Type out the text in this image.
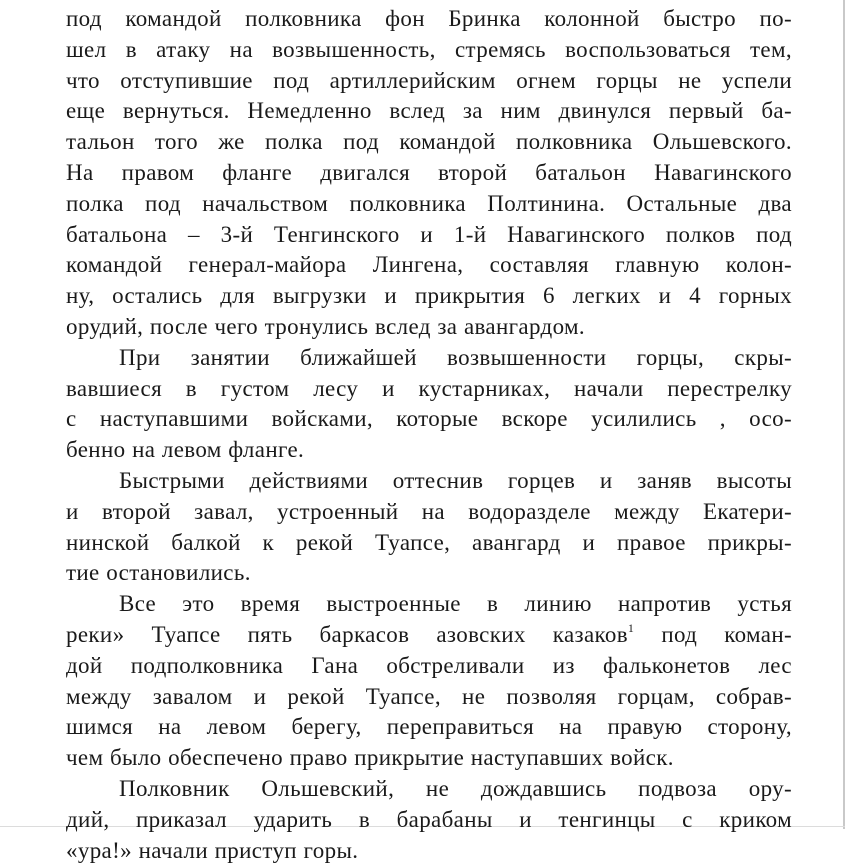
под командой полковника фон Бринка колонной быстро по-
шел в атаку на возвышенность, стремясь воспользоваться тем,
что отступившие под артиллерийским огнем горцы не успели
еще вернуться. Немедленно вслед за ним двинулся первый ба-
тальон того же полка под командой полковника Ольшевского.
На правом фланге двигался второй батальон Навагинского
полка под начальством полковника Полтинина. Остальные два
батальона – 3-й Тенгинского и 1-й Навагинского полков под
командой генерал-майора Лингена, составляя главную колон-
ну, остались для выгрузки и прикрытия 6 легких и 4 горных
орудий, после чего тронулись вслед за авангардом.

При занятии ближайшей возвышенности горцы, скры-
вавшиеся в густом лесу и кустарниках, начали перестрелку
с наступавшими войсками, которые вскоре усилились , осо-
бенно на левом фланге.

Быстрыми действиями оттеснив горцев и заняв высоты
и второй завал, устроенный на водоразделе между Екатери-
нинской балкой к рекой Туапсе, авангард и правое прикры-
тие остановились.

Все это время выстроенные в линию напротив устья
реки» Туапсе пять баркасов азовских казаков$^1$ под коман-
дой подполковника Гана обстреливали из фальконетов лес
между завалом и рекой Туапсе, не позволяя горцам, собрав-
шимся на левом берегу, переправиться на правую сторону,
чем было обеспечено право прикрытие наступавших войск.

Полковник Ольшевский, не дождавшись подвоза ору-
дий, приказал ударить в барабаны и тенгинцы с криком
«ура!» начали приступ горы.
